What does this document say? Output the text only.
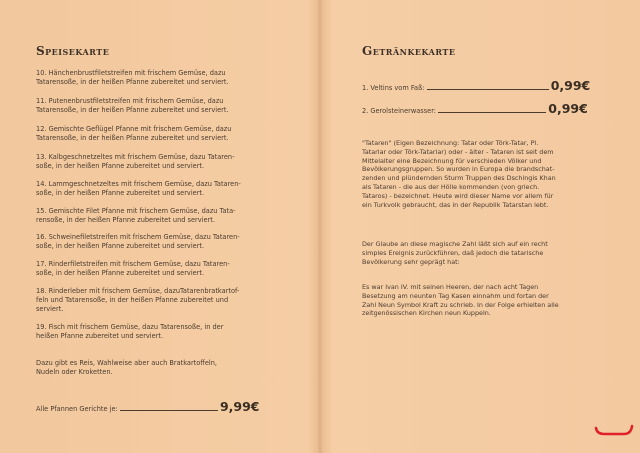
Speisekarte
10. Hänchenbrustfiletstreifen mit frischem Gemüse, dazu
Tatarensoße, in der heißen Pfanne zubereitet und serviert.
11. Putenenbrustfiletstreifen mit frischem Gemüse, dazu
Tatarensoße, in der heißen Pfanne zubereitet und serviert.
12. Gemischte Geflügel Pfanne mit frischem Gemüse, dazu
Tatarensoße, in der heißen Pfanne zubereitet und serviert.
13. Kalbgeschnetzeltes mit frischem Gemüse, dazu Tataren-
soße, in der heißen Pfanne zubereitet und serviert.
14. Lammgeschnetzeltes mit frischem Gemüse, dazu Tataren-
soße, in der heißen Pfanne zubereitet und serviert.
15. Gemischte Filet Pfanne mit frischem Gemüse, dazu Tata-
rensoße, in der heißen Pfanne zubereitet und serviert.
16. Schweinefiletstreifen mit frischem Gemüse, dazu Tataren-
soße, in der heißen Pfanne zubereitet und serviert.
17. Rinderfiletstreifen mit frischem Gemüse, dazu Tataren-
soße, in der heißen Pfanne zubereitet und serviert.
18. Rinderleber mit frischem Gemüse, dazuTatarenbratkartof-
feln und Tatarensoße, in der heißen Pfanne zubereitet und
serviert.
19. Fisch mit frischem Gemüse, dazu Tatarensoße, in der
heißen Pfanne zubereitet und serviert.
Dazu gibt es Reis, Wahlweise aber auch Bratkartoffeln,
Nudeln oder Kroketten.
Alle Pfannen Gerichte je:	9,99€
Getränkekarte
1. Veltins vom Faß:	0,99€
2. Gerolsteinerwasser:	0,99€
"Tataren" (Eigen Bezeichnung: Tatar oder Törk-Tatar, Pl.
Tatarlar oder Törk-Tatarlar) oder - älter - Tataren ist seit dem
Mittelalter eine Bezeichnung für verschieden Völker und
Bevölkerungsgruppen. So wurden in Europa die brandschat-
zenden und plündernden Sturm Truppen des Dschingis Khan
als Tataren - die aus der Hölle kommenden (von griech.
Tataros) - bezeichnet. Heute wird dieser Name vor allem für
ein Turkvolk gebraucht, das in der Republik Tatarstan lebt.
Der Glaube an diese magische Zahl läßt sich auf ein recht
simples Ereignis zurückführen, daß jedoch die tatarische
Bevölkerung sehr geprägt hat:
Es war Ivan IV. mit seinen Heeren, der nach acht Tagen
Besetzung am neunten Tag Kasen einnahm und fortan der
Zahl Neun Symbol Kraft zu schrieb. In der Folge erhielten alle
zeitgenössischen Kirchen neun Kuppeln.
